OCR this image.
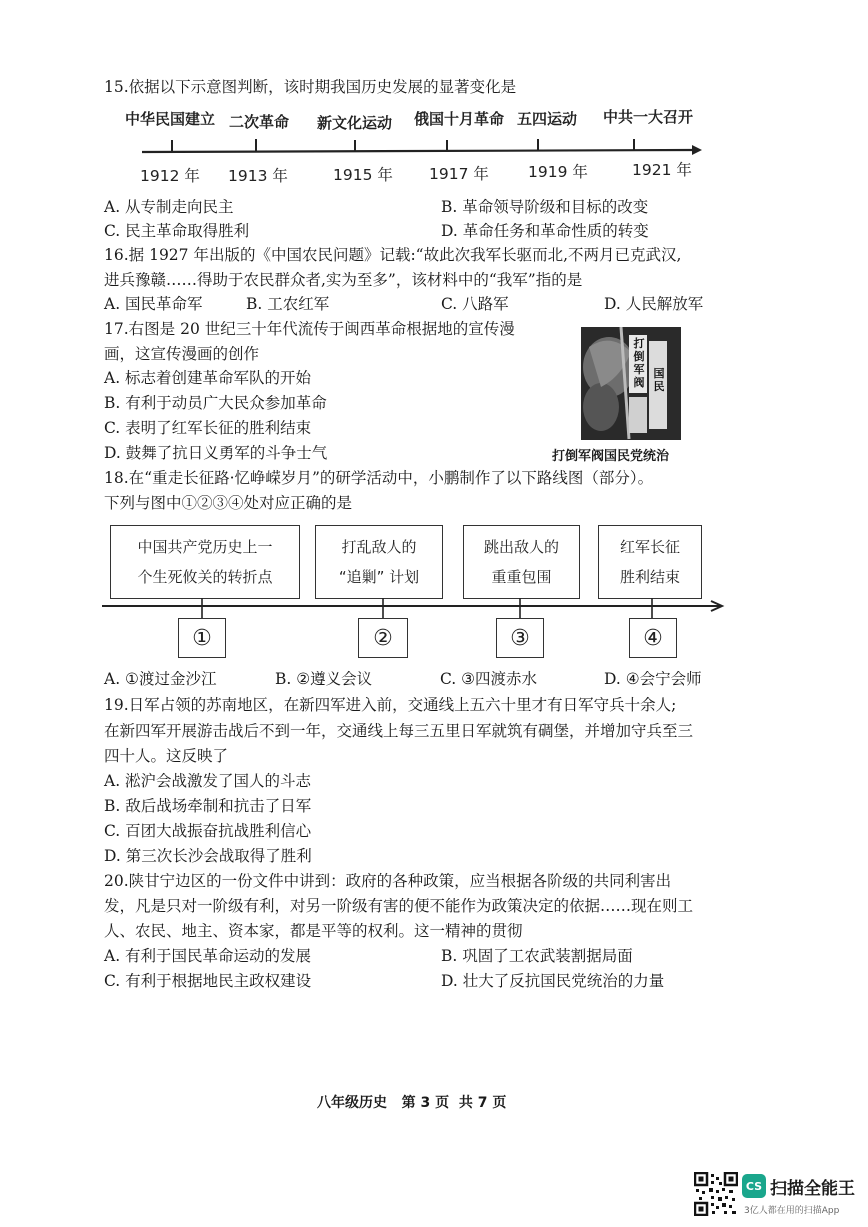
15.依据以下示意图判断，该时期我国历史发展的显著变化是
中华民国建立 二次革命 新文化运动 俄国十月革命 五四运动 中共一大召开
1912 年 1913 年	1915 年 1917 年	1919 年	1921 年
A. 从专制走向民主	B. 革命领导阶级和目标的改变
C. 民主革命取得胜利	D. 革命任务和革命性质的转变
16.据 1927 年出版的《中国农民问题》记载:“故此次我军长驱而北,不两月已克武汉,
进兵豫赣……得助于农民群众者,实为至多”，该材料中的“我军”指的是
A. 国民革命军	B. 工农红军	C. 八路军	D. 人民解放军
17.右图是 20 世纪三十年代流传于闽西革命根据地的宣传漫
画，这宣传漫画的创作
A. 标志着创建革命军队的开始
B. 有利于动员广大民众参加革命
C. 表明了红军长征的胜利结束
D. 鼓舞了抗日义勇军的斗争士气
打
倒
军
阀
国
民
打倒军阀国民党统治
18.在“重走长征路·忆峥嵘岁月”的研学活动中，小鹏制作了以下路线图（部分）。
下列与图中①②③④处对应正确的是
中国共产党历史上一
个生死攸关的转折点
打乱敌人的
“追剿” 计划
跳出敌人的
重重包围
红军长征
胜利结束
①	②	③	④
A. ①渡过金沙江	B. ②遵义会议	C. ③四渡赤水	D. ④会宁会师
19.日军占领的苏南地区，在新四军进入前，交通线上五六十里才有日军守兵十余人;
在新四军开展游击战后不到一年，交通线上每三五里日军就筑有碉堡，并增加守兵至三
四十人。这反映了
A. 淞沪会战激发了国人的斗志
B. 敌后战场牵制和抗击了日军
C. 百团大战振奋抗战胜利信心
D. 第三次长沙会战取得了胜利
20.陕甘宁边区的一份文件中讲到：政府的各种政策，应当根据各阶级的共同利害出
发，凡是只对一阶级有利，对另一阶级有害的便不能作为政策决定的依据……现在则工
人、农民、地主、资本家，都是平等的权利。这一精神的贯彻
A. 有利于国民革命运动的发展	B. 巩固了工农武装割据局面
C. 有利于根据地民主政权建设	D. 壮大了反抗国民党统治的力量
八年级历史   第 3 页  共 7 页
CS 扫描全能王
3亿人都在用的扫描App
